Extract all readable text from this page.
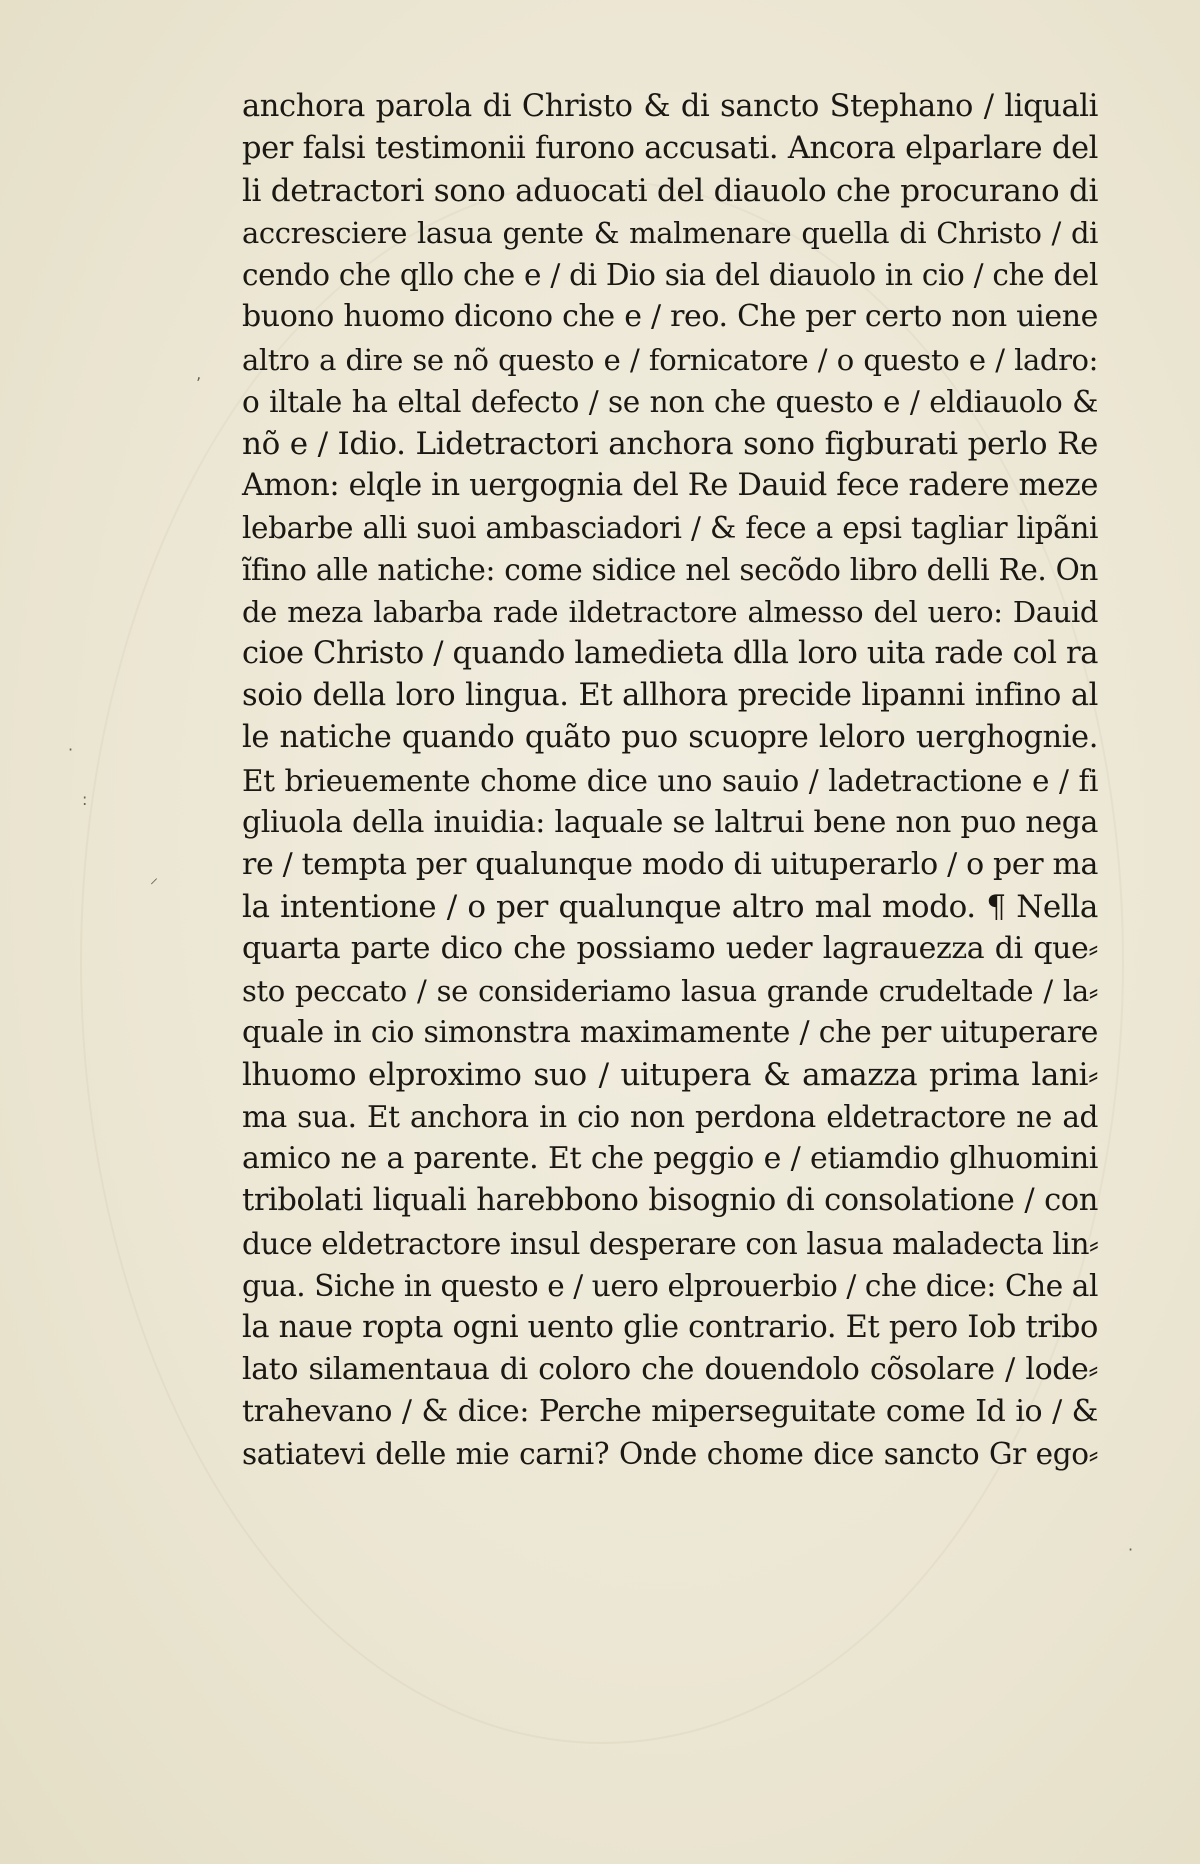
ʼ
·
:
⸝
·
anchora parola di Christo & di sancto Stephano / liquali
per falsi testimonii furono accusati. Ancora elparlare del
li detractori sono aduocati del diauolo che procurano di
accresciere lasua gente & malmenare quella di Christo / di
cendo che qllo che e / di Dio sia del diauolo in cio / che del
buono huomo dicono che e / reo. Che per certo non uiene
altro a dire se nõ questo e / fornicatore / o questo e / ladro:
o iltale ha eltal defecto / se non che questo e / eldiauolo &
nõ e / Idio. Lidetractori anchora sono figburati perlo Re
Amon: elqle in uergognia del Re Dauid fece radere meze
lebarbe alli suoi ambasciadori / & fece a epsi tagliar lipãni
ĩfino alle natiche: come sidice nel secõdo libro delli Re. On
de meza labarba rade ildetractore almesso del uero: Dauid
cioe Christo / quando lamedieta dlla loro uita rade col ra
soio della loro lingua. Et allhora precide lipanni infino al
le natiche quando quãto puo scuopre leloro uerghognie.
Et brieuemente chome dice uno sauio / ladetractione e / fi
gliuola della inuidia: laquale se laltrui bene non puo nega
re / tempta per qualunque modo di uituperarlo / o per ma
la intentione / o per qualunque altro mal modo. ¶ Nella
quarta parte dico che possiamo ueder lagrauezza di que⸗
sto peccato / se consideriamo lasua grande crudeltade / la⸗
quale in cio simonstra maximamente / che per uituperare
lhuomo elproximo suo / uitupera & amazza prima lani⸗
ma sua. Et anchora in cio non perdona eldetractore ne ad
amico ne a parente. Et che peggio e / etiamdio glhuomini
tribolati liquali harebbono bisognio di consolatione / con
duce eldetractore insul desperare con lasua maladecta lin⸗
gua. Siche in questo e / uero elprouerbio / che dice: Che al
la naue ropta ogni uento glie contrario. Et pero Iob tribo
lato silamentaua di coloro che douendolo cõsolare / lode⸗
trahevano / & dice: Perche miperseguitate come Id io / &
satiatevi delle mie carni? Onde chome dice sancto Gr ego⸗
